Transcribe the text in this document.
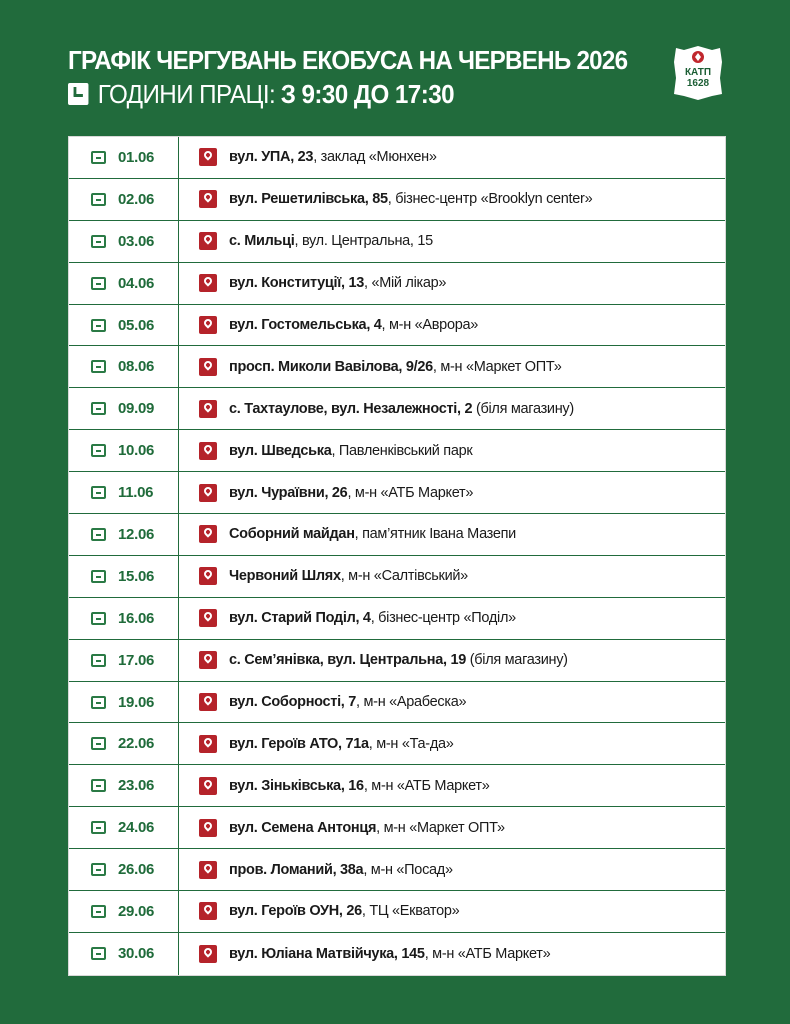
ГРАФІК ЧЕРГУВАНЬ ЕКОБУСА НА ЧЕРВЕНЬ 2026
ГОДИНИ ПРАЦІ: З 9:30 ДО 17:30
КАТП
1628
01.06	вул. УПА, 23, заклад «Мюнхен»
02.06	вул. Решетилівська, 85, бізнес-центр «Brooklyn center»
03.06	с. Мильці, вул. Центральна, 15
04.06	вул. Конституції, 13, «Мій лікар»
05.06	вул. Гостомельська, 4, м-н «Аврора»
08.06	просп. Миколи Вавілова, 9/26, м-н «Маркет ОПТ»
09.09	с. Тахтаулове, вул. Незалежності, 2 (біля магазину)
10.06	вул. Шведська, Павленківський парк
11.06	вул. Чураївни, 26, м-н «АТБ Маркет»
12.06	Соборний майдан, пам’ятник Івана Мазепи
15.06	Червоний Шлях, м-н «Салтівський»
16.06	вул. Старий Поділ, 4, бізнес-центр «Поділ»
17.06	с. Сем’янівка, вул. Центральна, 19 (біля магазину)
19.06	вул. Соборності, 7, м-н «Арабеска»
22.06	вул. Героїв АТО, 71а, м-н «Та-да»
23.06	вул. Зіньківська, 16, м-н «АТБ Маркет»
24.06	вул. Семена Антонця, м-н «Маркет ОПТ»
26.06	пров. Ломаний, 38а, м-н «Посад»
29.06	вул. Героїв ОУН, 26, ТЦ «Екватор»
30.06	вул. Юліана Матвійчука, 145, м-н «АТБ Маркет»
